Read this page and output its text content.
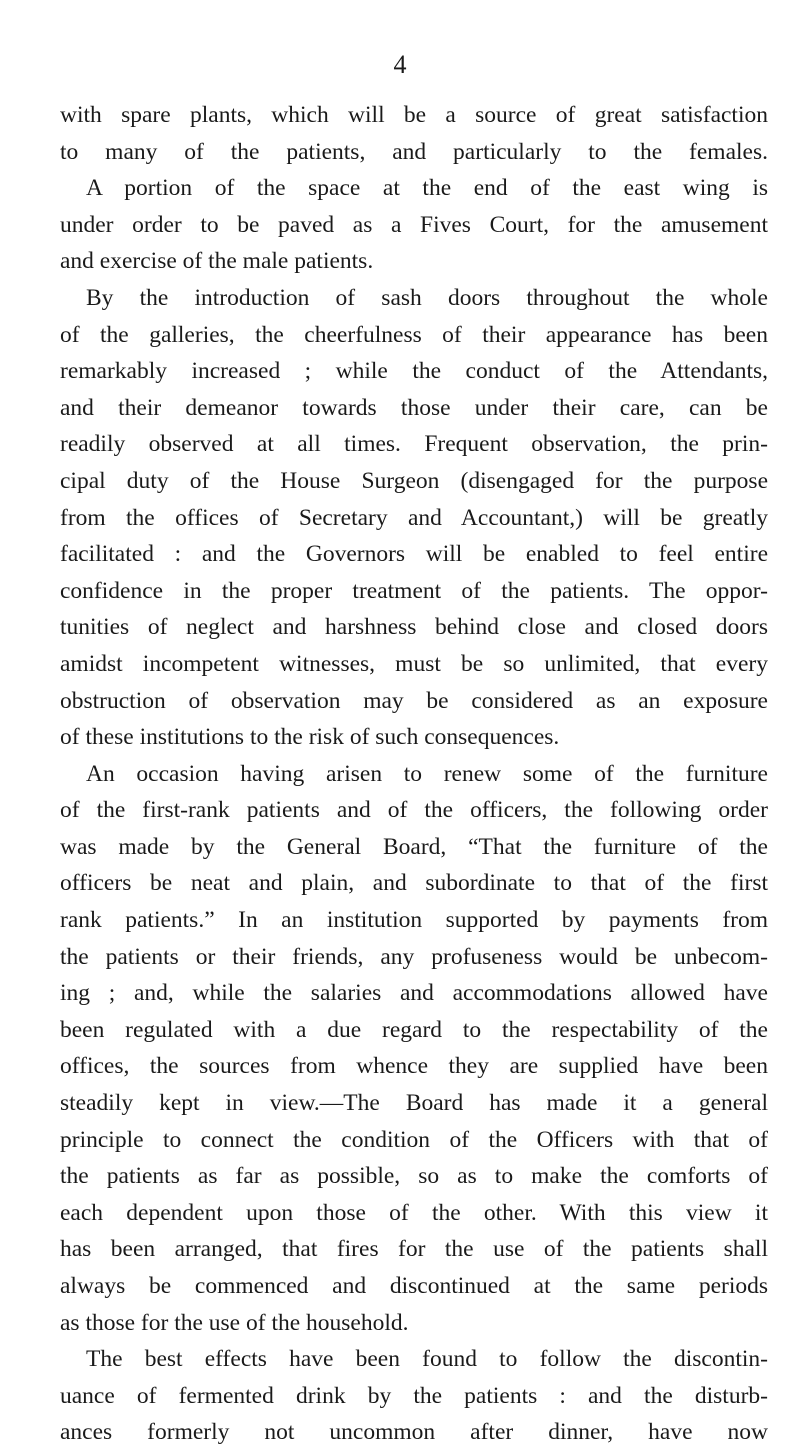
4
with spare plants, which will be a source of great satisfaction
to many of the patients, and particularly to the females.
A portion of the space at the end of the east wing is
under order to be paved as a Fives Court, for the amusement
and exercise of the male patients.
By the introduction of sash doors throughout the whole
of the galleries, the cheerfulness of their appearance has been
remarkably increased ; while the conduct of the Attendants,
and their demeanor towards those under their care, can be
readily observed at all times. Frequent observation, the prin-
cipal duty of the House Surgeon (disengaged for the purpose
from the offices of Secretary and Accountant,) will be greatly
facilitated : and the Governors will be enabled to feel entire
confidence in the proper treatment of the patients. The oppor-
tunities of neglect and harshness behind close and closed doors
amidst incompetent witnesses, must be so unlimited, that every
obstruction of observation may be considered as an exposure
of these institutions to the risk of such consequences.
An occasion having arisen to renew some of the furniture
of the first-rank patients and of the officers, the following order
was made by the General Board, “That the furniture of the
officers be neat and plain, and subordinate to that of the first
rank patients.” In an institution supported by payments from
the patients or their friends, any profuseness would be unbecom-
ing ; and, while the salaries and accommodations allowed have
been regulated with a due regard to the respectability of the
offices, the sources from whence they are supplied have been
steadily kept in view.—The Board has made it a general
principle to connect the condition of the Officers with that of
the patients as far as possible, so as to make the comforts of
each dependent upon those of the other. With this view it
has been arranged, that fires for the use of the patients shall
always be commenced and discontinued at the same periods
as those for the use of the household.
The best effects have been found to follow the discontin-
uance of fermented drink by the patients : and the disturb-
ances formerly not uncommon after dinner, have now
